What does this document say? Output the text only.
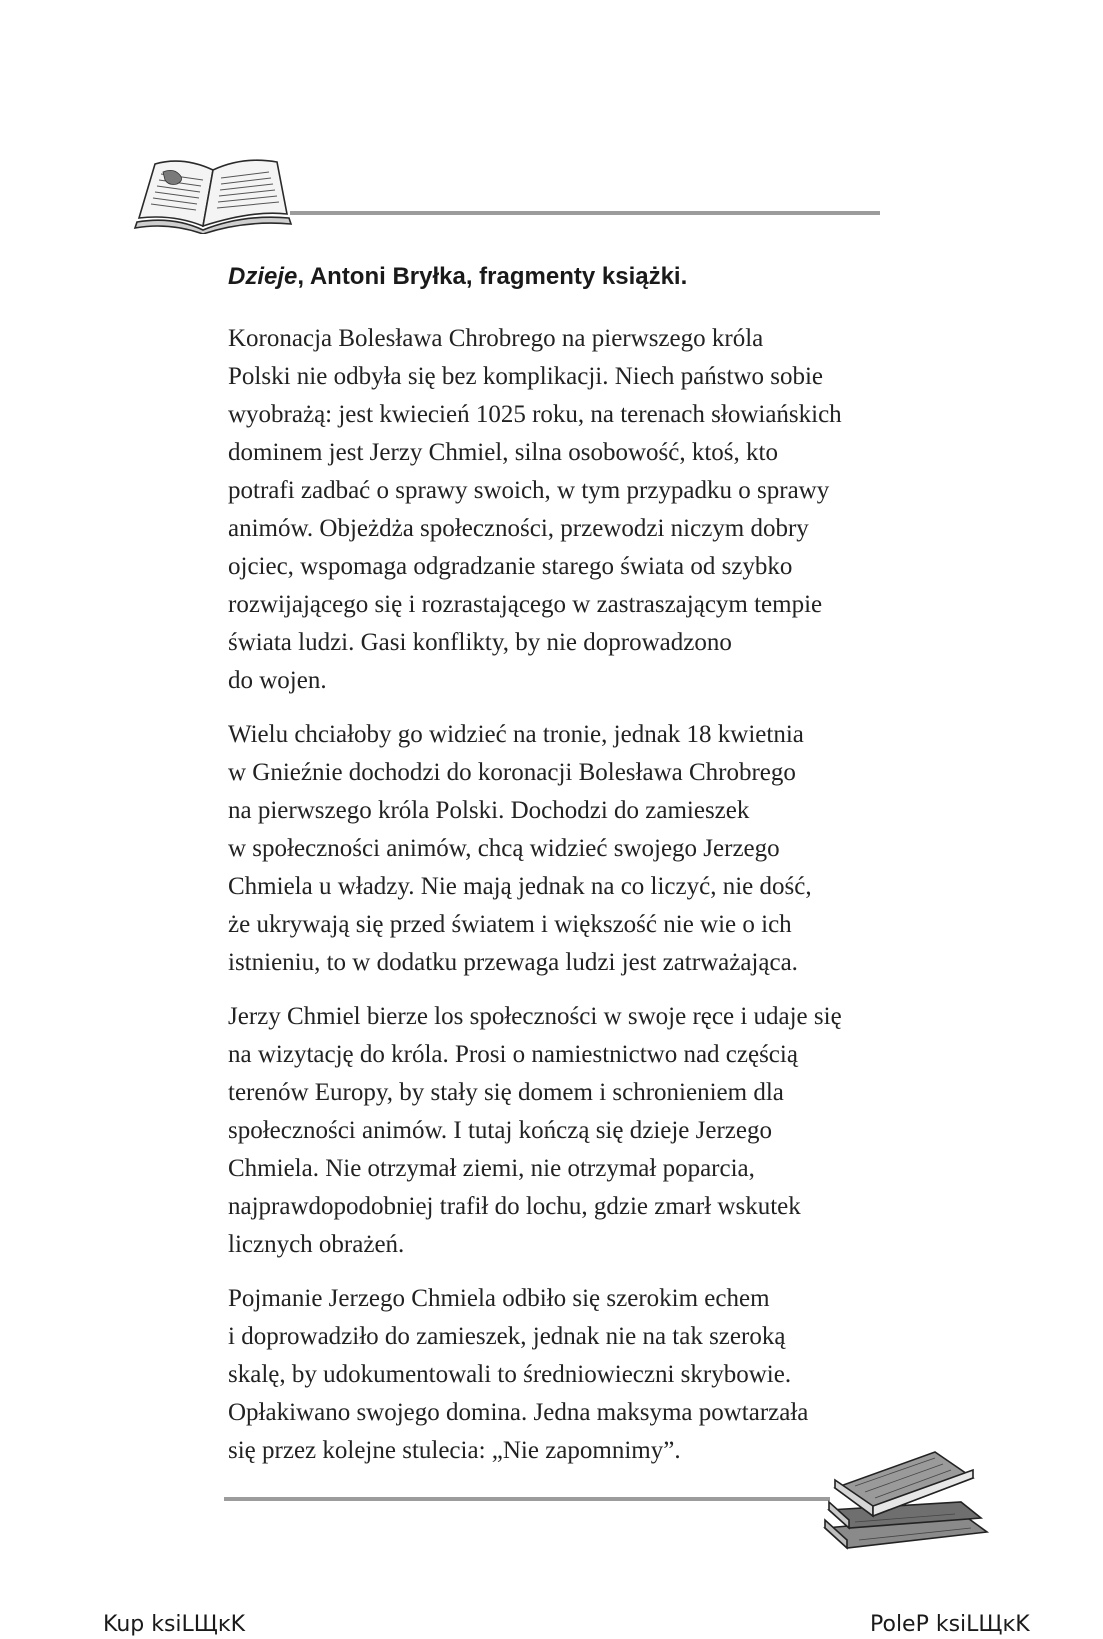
Dzieje, Antoni Bryłka, fragmenty książki.

Koronacja Bolesława Chrobrego na pierwszego króla
Polski nie odbyła się bez komplikacji. Niech państwo sobie
wyobrażą: jest kwiecień 1025 roku, na terenach słowiańskich
dominem jest Jerzy Chmiel, silna osobowość, ktoś, kto
potrafi zadbać o sprawy swoich, w tym przypadku o sprawy
animów. Objeżdża społeczności, przewodzi niczym dobry
ojciec, wspomaga odgradzanie starego świata od szybko
rozwijającego się i rozrastającego w zastraszającym tempie
świata ludzi. Gasi konflikty, by nie doprowadzono
do wojen.

Wielu chciałoby go widzieć na tronie, jednak 18 kwietnia
w Gnieźnie dochodzi do koronacji Bolesława Chrobrego
na pierwszego króla Polski. Dochodzi do zamieszek
w społeczności animów, chcą widzieć swojego Jerzego
Chmiela u władzy. Nie mają jednak na co liczyć, nie dość,
że ukrywają się przed światem i większość nie wie o ich
istnieniu, to w dodatku przewaga ludzi jest zatrważająca.

Jerzy Chmiel bierze los społeczności w swoje ręce i udaje się
na wizytację do króla. Prosi o namiestnictwo nad częścią
terenów Europy, by stały się domem i schronieniem dla
społeczności animów. I tutaj kończą się dzieje Jerzego
Chmiela. Nie otrzymał ziemi, nie otrzymał poparcia,
najprawdopodobniej trafił do lochu, gdzie zmarł wskutek
licznych obrażeń.

Pojmanie Jerzego Chmiela odbiło się szerokim echem
i doprowadziło do zamieszek, jednak nie na tak szeroką
skalę, by udokumentowali to średniowieczni skrybowie.
Opłakiwano swojego domina. Jedna maksyma powtarzała
się przez kolejne stulecia: „Nie zapomnimy”.

Kup ksiLЩĸK	PoleP ksiLЩĸK
